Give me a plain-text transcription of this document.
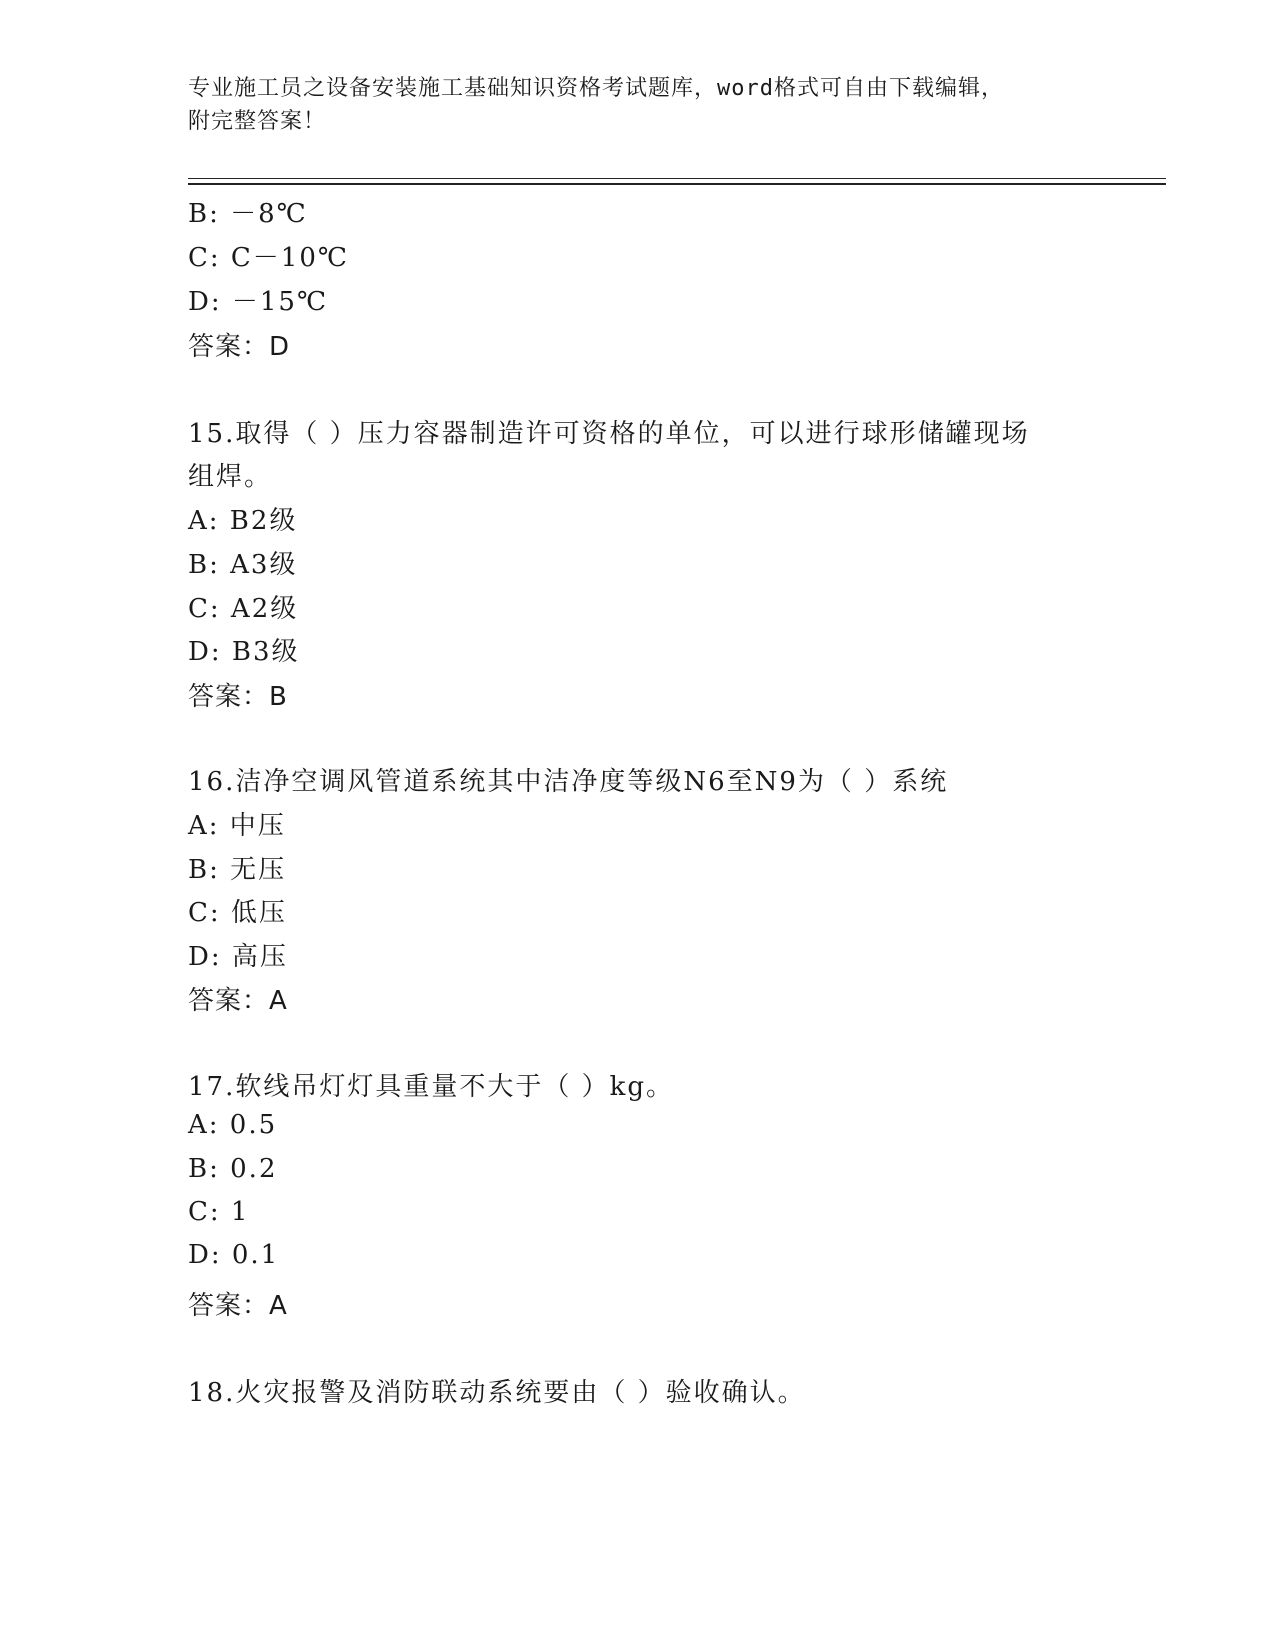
专业施工员之设备安装施工基础知识资格考试题库，word格式可自由下载编辑，
附完整答案！
B: －8℃
C: C－10℃
D: －15℃
答案：D
15.取得（ ）压力容器制造许可资格的单位，可以进行球形储罐现场
组焊。
A: B2级
B: A3级
C: A2级
D: B3级
答案：B
16.洁净空调风管道系统其中洁净度等级N6至N9为（ ）系统
A: 中压
B: 无压
C: 低压
D: 高压
答案：A
17.软线吊灯灯具重量不大于（ ）kg。
A: 0.5
B: 0.2
C: 1
D: 0.1
答案：A
18.火灾报警及消防联动系统要由（ ）验收确认。
